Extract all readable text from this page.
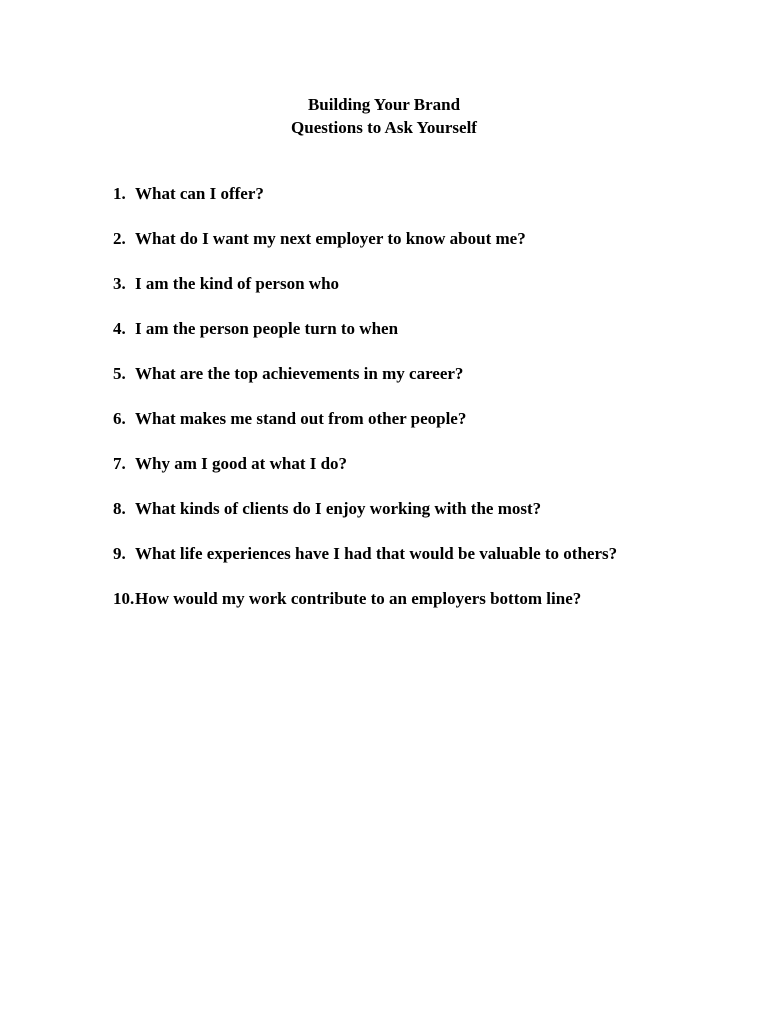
Building Your Brand
Questions to Ask Yourself
1. What can I offer?
2. What do I want my next employer to know about me?
3. I am the kind of person who
4. I am the person people turn to when
5. What are the top achievements in my career?
6. What makes me stand out from other people?
7. Why am I good at what I do?
8. What kinds of clients do I enjoy working with the most?
9. What life experiences have I had that would be valuable to others?
10. How would my work contribute to an employers bottom line?
